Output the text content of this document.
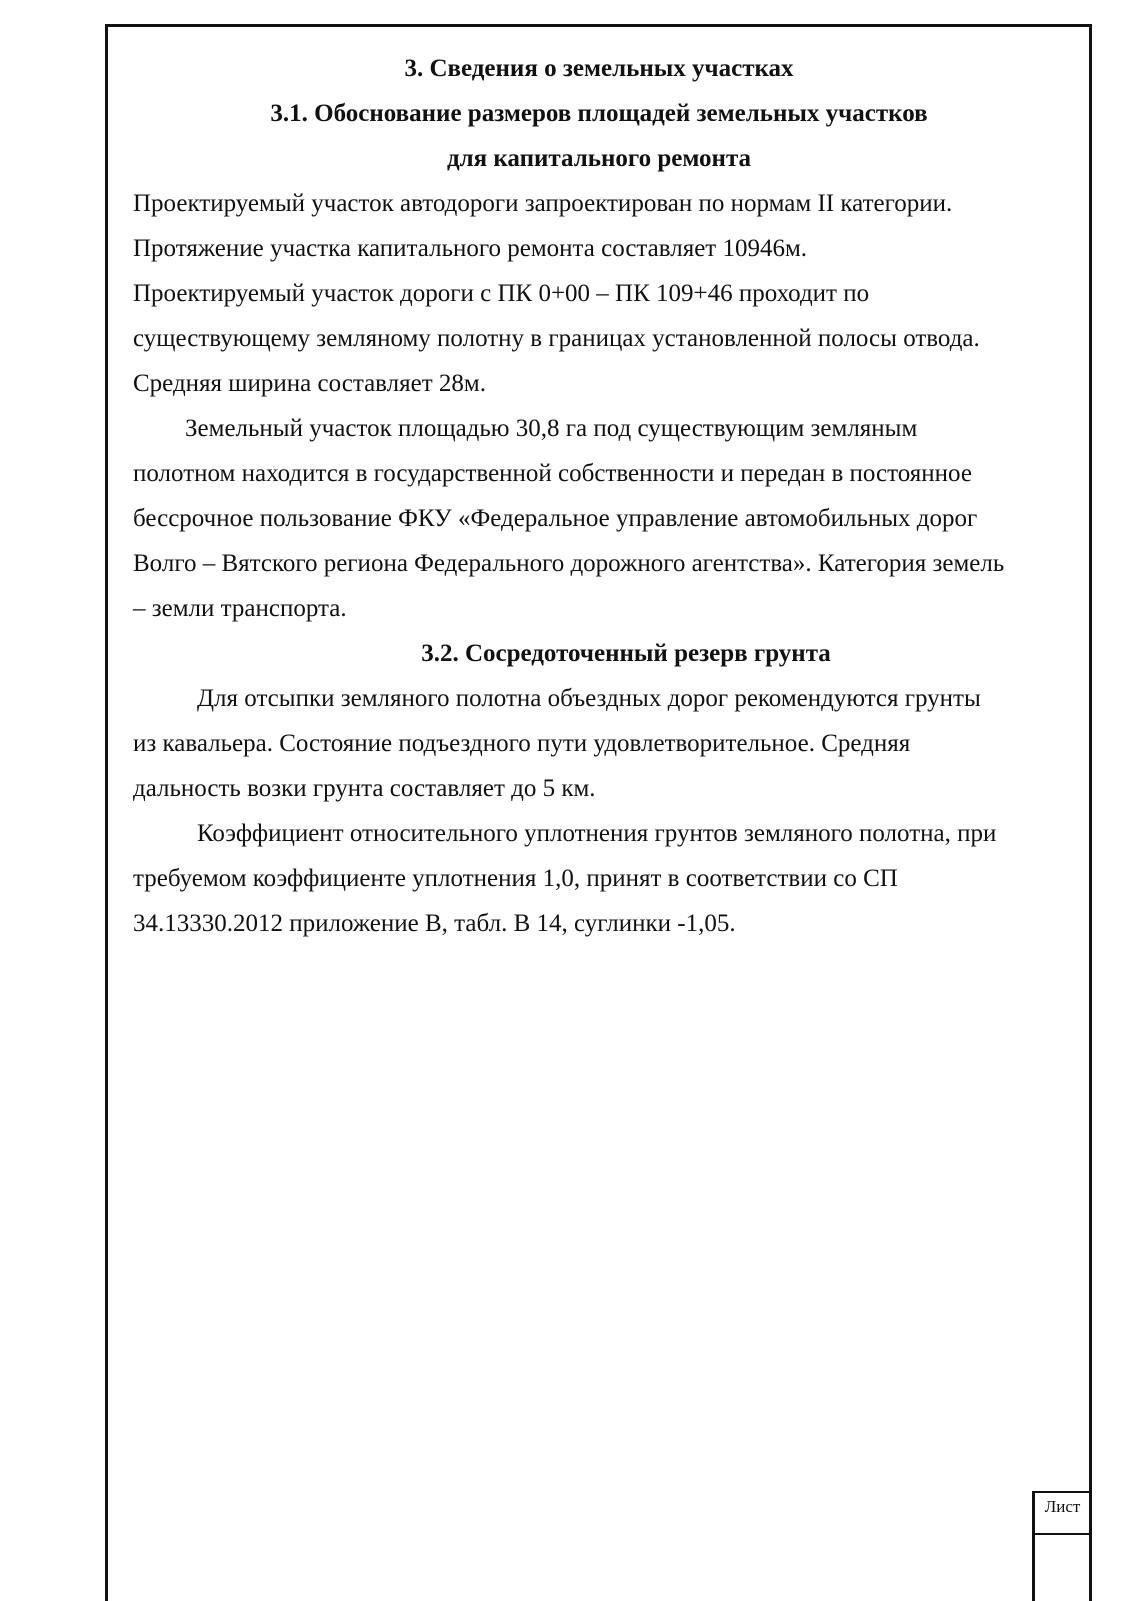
3. Сведения о земельных участках
3.1. Обоснование размеров площадей земельных участков
для капитального ремонта
Проектируемый участок автодороги запроектирован по нормам II категории.
Протяжение участка капитального ремонта составляет 10946м.
Проектируемый участок дороги с ПК 0+00 – ПК 109+46 проходит по
существующему земляному полотну в границах установленной полосы отвода.
Средняя ширина составляет 28м.
Земельный участок площадью 30,8 га под существующим земляным
полотном находится в государственной собственности и передан в постоянное
бессрочное пользование ФКУ «Федеральное управление автомобильных дорог
Волго – Вятского региона Федерального дорожного агентства». Категория земель
– земли транспорта.
3.2. Сосредоточенный резерв грунта
Для отсыпки земляного полотна объездных дорог рекомендуются грунты
из кавальера. Состояние подъездного пути удовлетворительное. Средняя
дальность возки грунта составляет до 5 км.
Коэффициент относительного уплотнения грунтов земляного полотна, при
требуемом коэффициенте уплотнения 1,0, принят в соответствии со СП
34.13330.2012 приложение В, табл. В 14, суглинки -1,05.
Лист
